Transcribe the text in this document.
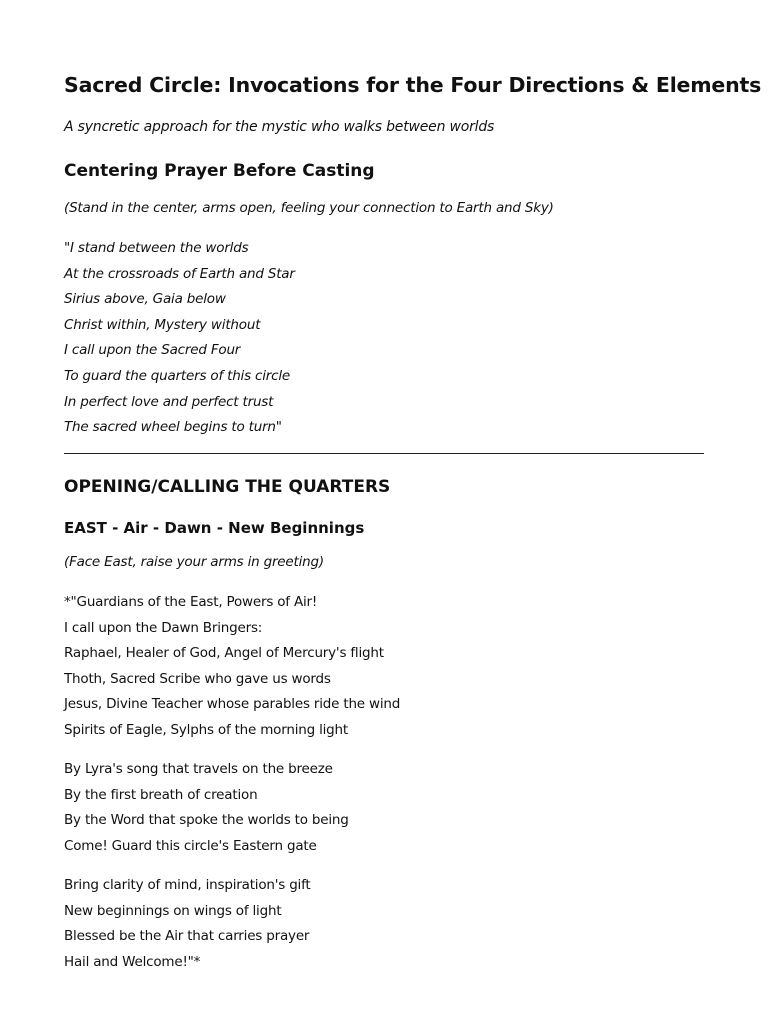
Sacred Circle: Invocations for the Four Directions & Elements

A syncretic approach for the mystic who walks between worlds

Centering Prayer Before Casting

(Stand in the center, arms open, feeling your connection to Earth and Sky)

"I stand between the worlds
At the crossroads of Earth and Star
Sirius above, Gaia below
Christ within, Mystery without
I call upon the Sacred Four
To guard the quarters of this circle
In perfect love and perfect trust
The sacred wheel begins to turn"
OPENING/CALLING THE QUARTERS
EAST - Air - Dawn - New Beginnings

(Face East, raise your arms in greeting)

*"Guardians of the East, Powers of Air!
I call upon the Dawn Bringers:
Raphael, Healer of God, Angel of Mercury's flight
Thoth, Sacred Scribe who gave us words
Jesus, Divine Teacher whose parables ride the wind
Spirits of Eagle, Sylphs of the morning light
By Lyra's song that travels on the breeze
By the first breath of creation
By the Word that spoke the worlds to being
Come! Guard this circle's Eastern gate
Bring clarity of mind, inspiration's gift
New beginnings on wings of light
Blessed be the Air that carries prayer
Hail and Welcome!"*
